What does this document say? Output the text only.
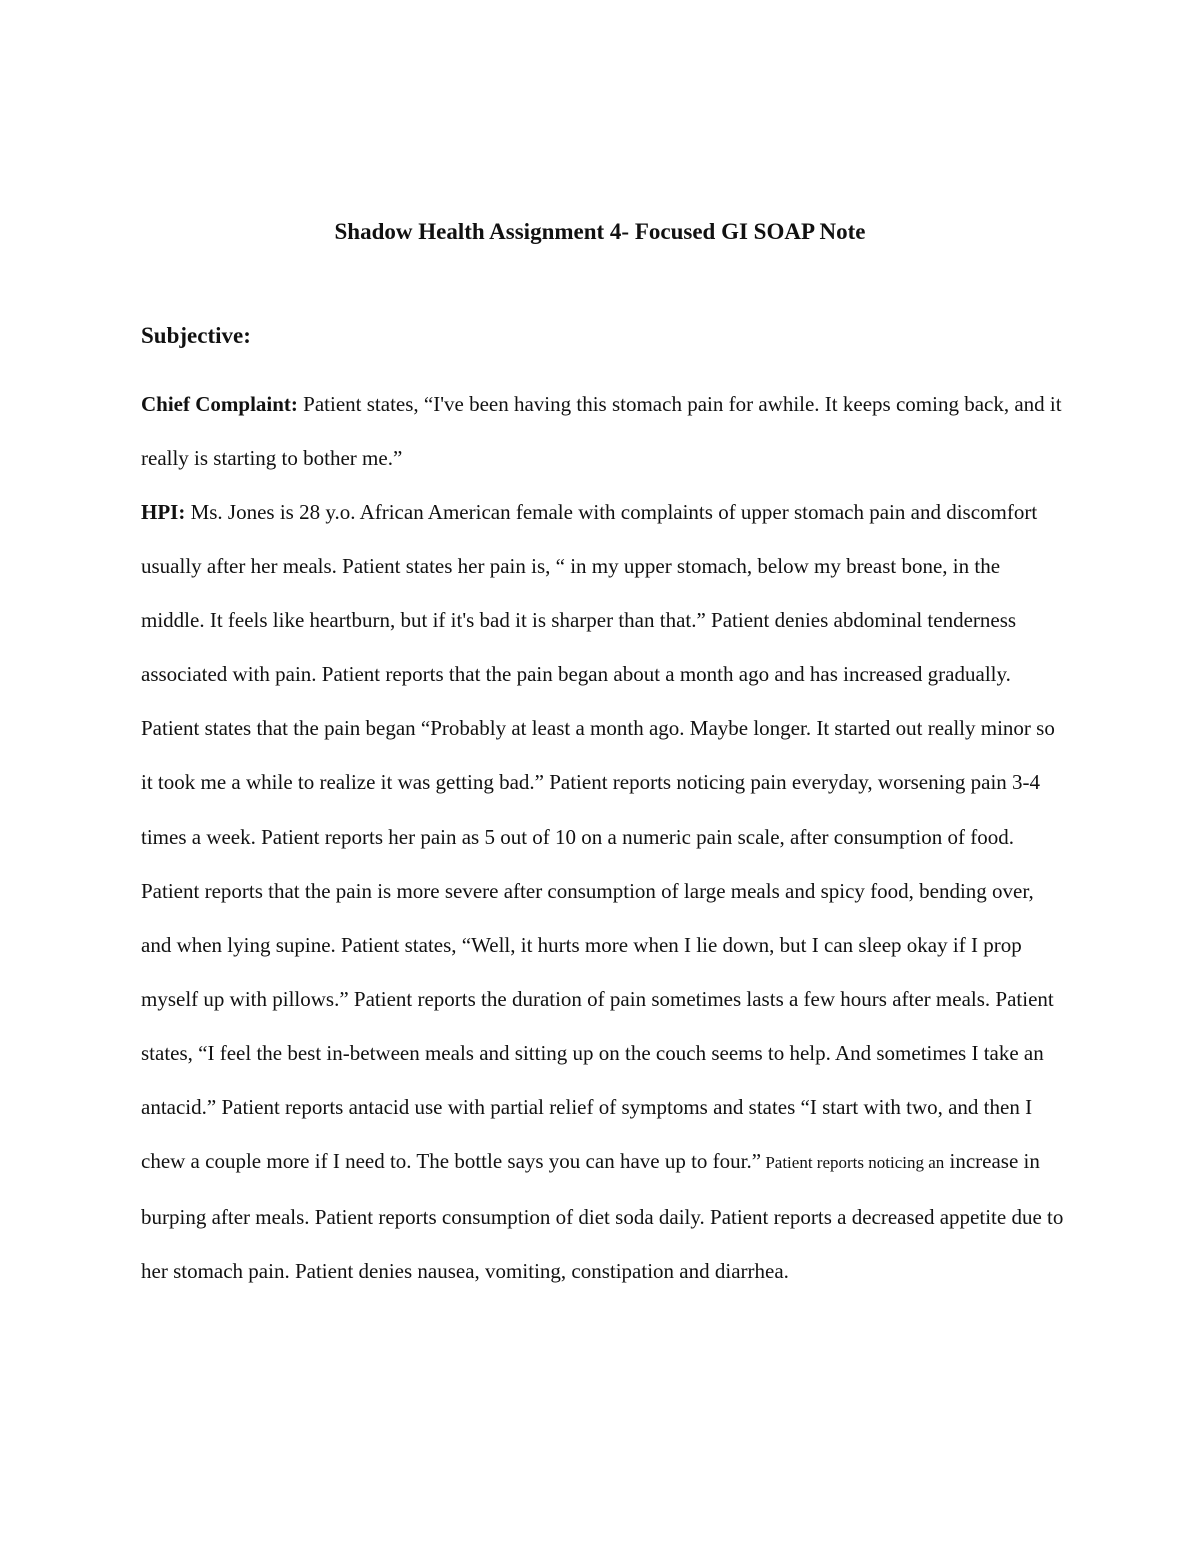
Shadow Health Assignment 4- Focused GI SOAP Note
Subjective:

Chief Complaint: Patient states, “I've been having this stomach pain for awhile. It keeps coming back, and it really is starting to bother me.”

HPI: Ms. Jones is 28 y.o. African American female with complaints of upper stomach pain and discomfort usually after her meals. Patient states her pain is, “ in my upper stomach, below my breast bone, in the middle. It feels like heartburn, but if it's bad it is sharper than that.” Patient denies abdominal tenderness associated with pain. Patient reports that the pain began about a month ago and has increased gradually. Patient states that the pain began “Probably at least a month ago. Maybe longer. It started out really minor so it took me a while to realize it was getting bad.” Patient reports noticing pain everyday, worsening pain 3-4 times a week. Patient reports her pain as 5 out of 10 on a numeric pain scale, after consumption of food. Patient reports that the pain is more severe after consumption of large meals and spicy food, bending over, and when lying supine. Patient states, “Well, it hurts more when I lie down, but I can sleep okay if I prop myself up with pillows.” Patient reports the duration of pain sometimes lasts a few hours after meals. Patient states, “I feel the best in-between meals and sitting up on the couch seems to help. And sometimes I take an antacid.” Patient reports antacid use with partial relief of symptoms and states “I start with two, and then I chew a couple more if I need to. The bottle says you can have up to four.” Patient reports noticing an increase in burping after meals. Patient reports consumption of diet soda daily. Patient reports a decreased appetite due to her stomach pain. Patient denies nausea, vomiting, constipation and diarrhea.
